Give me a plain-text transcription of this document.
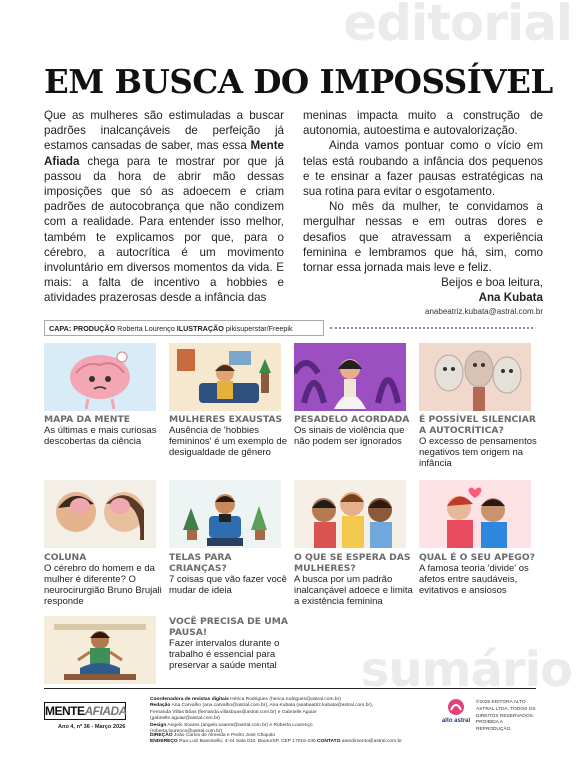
editorial
EM BUSCA DO IMPOSSÍVEL

Que as mulheres são estimuladas a buscar padrões inalcançáveis de perfeição já estamos cansadas de saber, mas essa Mente Afiada chega para te mostrar por que já passou da hora de abrir mão dessas imposições que só as adoecem e criam padrões de autocobrança que não condizem com a realidade. Para entender isso melhor, também te explicamos por que, para o cérebro, a autocrítica é um movimento involuntário em diversos momentos da vida. E mais: a falta de incentivo a hobbies e atividades prazerosas desde a infância das

meninas impacta muito a construção de autonomia, autoestima e autovalorização.

Ainda vamos pontuar como o vício em telas está roubando a infância dos pequenos e te ensinar a fazer pausas estratégicas na sua rotina para evitar o esgotamento.

No mês da mulher, te convidamos a mergulhar nessas e em outras dores e desafios que atravessam a experiência feminina e lembramos que há, sim, como tornar essa jornada mais leve e feliz.

Beijos e boa leitura,

Ana Kubata

anabeatriz.kubata@astral.com.br

CAPA: PRODUÇÃO Roberta Lourenço ILUSTRAÇÃO pikisuperstar/Freepik
MAPA DA MENTE
As últimas e mais curiosas descobertas da ciência
MULHERES EXAUSTAS
Ausência de 'hobbies femininos' é um exemplo de desigualdade de gênero
PESADELO ACORDADA
Os sinais de violência que não podem ser ignorados
É POSSÍVEL SILENCIAR A AUTOCRÍTICA?
O excesso de pensamentos negativos tem origem na infância
COLUNA
O cérebro do homem e da mulher é diferente? O neurocirurgião Bruno Brujali responde
TELAS PARA CRIANÇAS?
7 coisas que vão fazer você mudar de ideia
O QUE SE ESPERA DAS MULHERES?
A busca por um padrão inalcançável adoece e limita a existência feminina
QUAL É O SEU APEGO?
A famosa teoria 'divide' os afetos entre saudáveis, evitativos e ansiosos
VOCÊ PRECISA DE UMA PAUSA!
Fazer intervalos durante o trabalho é essencial para preservar a saúde mental sumário
MENTEAFIADA
Ano 4, nº 36 - Março 2026
Coordenadora de revistas digitais Hérica Rodrigues (herica.rodrigues@astral.com.br)
Redação Ana Carvalho (ana.carvalho@astral.com.br), Ana Kubata (anabeatriz.kubata@astral.com.br), Fernanda Villas Bôas (fernanda.villasboas@astral.com.br) e Gabrielle Aguiar (gabrielle.aguiar@astral.com.br)
Design Angelo Soares (angelo.soares@astral.com.br) e Roberta Lourenço (roberta.lourenco@astral.com.br)
DIREÇÃO João Carlos de Almeida e Pedro José Chiquito
ENDEREÇO Rua Luiz Bassinello, 4-44 Sala 010, Bauru/SP. CEP 17016-230 CONTATO atendimento@astral.com.br
alto astral
©2026 EDITORA ALTO ASTRAL LTDA. TODOS OS DIREITOS RESERVADOS. PROIBIDA A REPRODUÇÃO.
